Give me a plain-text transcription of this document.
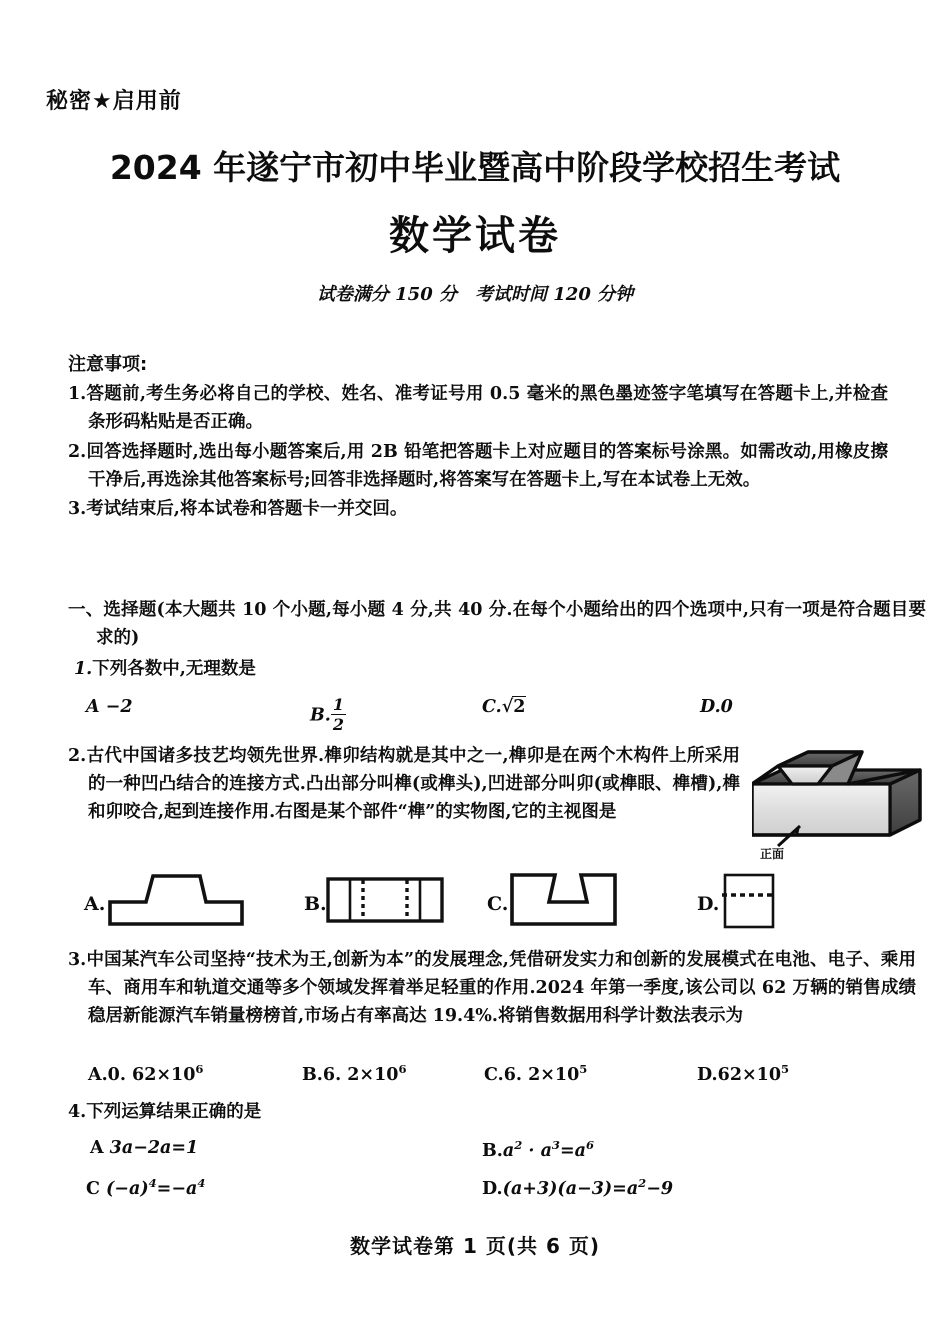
秘密★启用前
2024 年遂宁市初中毕业暨高中阶段学校招生考试
数学试卷
试卷满分 150 分 考试时间 120 分钟
注意事项:
1.答题前,考生务必将自己的学校、姓名、准考证号用 0.5 毫米的黑色墨迹签字笔填写在答题卡上,并检查条形码粘贴是否正确。
2.回答选择题时,选出每小题答案后,用 2B 铅笔把答题卡上对应题目的答案标号涂黑。如需改动,用橡皮擦干净后,再选涂其他答案标号;回答非选择题时,将答案写在答题卡上,写在本试卷上无效。
3.考试结束后,将本试卷和答题卡一并交回。
一、选择题(本大题共 10 个小题,每小题 4 分,共 40 分.在每个小题给出的四个选项中,只有一项是符合题目要求的)
1.下列各数中,无理数是
A −2	B. $\frac{1}{2}$	C.√2	D.0
2.古代中国诸多技艺均领先世界.榫卯结构就是其中之一,榫卯是在两个木构件上所采用的一种凹凸结合的连接方式.凸出部分叫榫(或榫头),凹进部分叫卯(或榫眼、榫槽),榫和卯咬合,起到连接作用.右图是某个部件“榫”的实物图,它的主视图是
正面
A.	B.	C.	D.
3.中国某汽车公司坚持“技术为王,创新为本”的发展理念,凭借研发实力和创新的发展模式在电池、电子、乘用车、商用车和轨道交通等多个领域发挥着举足轻重的作用.2024 年第一季度,该公司以 62 万辆的销售成绩稳居新能源汽车销量榜榜首,市场占有率高达 19.4%.将销售数据用科学计数法表示为
A.0. $62\times 10^6$	B.6. $2\times 10^6$	C.6. $2\times 10^5$	$D.62\times 10^5$
4.下列运算结果正确的是
A 3a−2a=1	$B.a^2 \cdot a^3=a^6$
C $(-a)^4=-a^4$	$D.(a+3)(a-3)=a^2-9$
数学试卷第 1 页(共 6 页)
